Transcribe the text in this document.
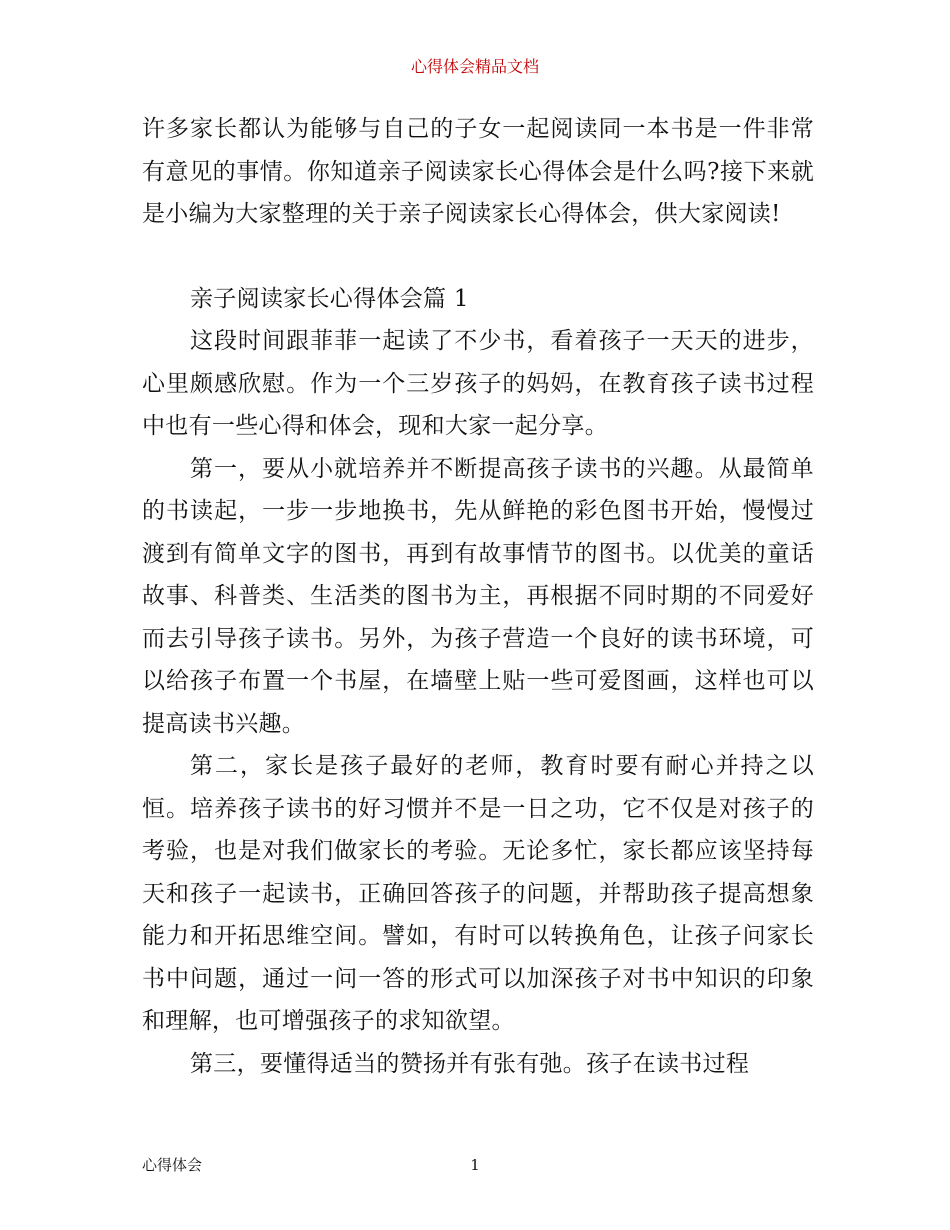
心得体会精品文档

许多家长都认为能够与自己的子女一起阅读同一本书是一件非常有意见的事情。你知道亲子阅读家长心得体会是什么吗?接下来就是小编为大家整理的关于亲子阅读家长心得体会，供大家阅读!

亲子阅读家长心得体会篇 1

这段时间跟菲菲一起读了不少书，看着孩子一天天的进步，心里颇感欣慰。作为一个三岁孩子的妈妈，在教育孩子读书过程中也有一些心得和体会，现和大家一起分享。

第一，要从小就培养并不断提高孩子读书的兴趣。从最简单的书读起，一步一步地换书，先从鲜艳的彩色图书开始，慢慢过渡到有简单文字的图书，再到有故事情节的图书。以优美的童话故事、科普类、生活类的图书为主，再根据不同时期的不同爱好而去引导孩子读书。另外，为孩子营造一个良好的读书环境，可以给孩子布置一个书屋，在墙壁上贴一些可爱图画，这样也可以提高读书兴趣。

第二，家长是孩子最好的老师，教育时要有耐心并持之以恒。培养孩子读书的好习惯并不是一日之功，它不仅是对孩子的考验，也是对我们做家长的考验。无论多忙，家长都应该坚持每天和孩子一起读书，正确回答孩子的问题，并帮助孩子提高想象能力和开拓思维空间。譬如，有时可以转换角色，让孩子问家长书中问题，通过一问一答的形式可以加深孩子对书中知识的印象和理解，也可增强孩子的求知欲望。

第三，要懂得适当的赞扬并有张有弛。孩子在读书过程

心得体会	1
